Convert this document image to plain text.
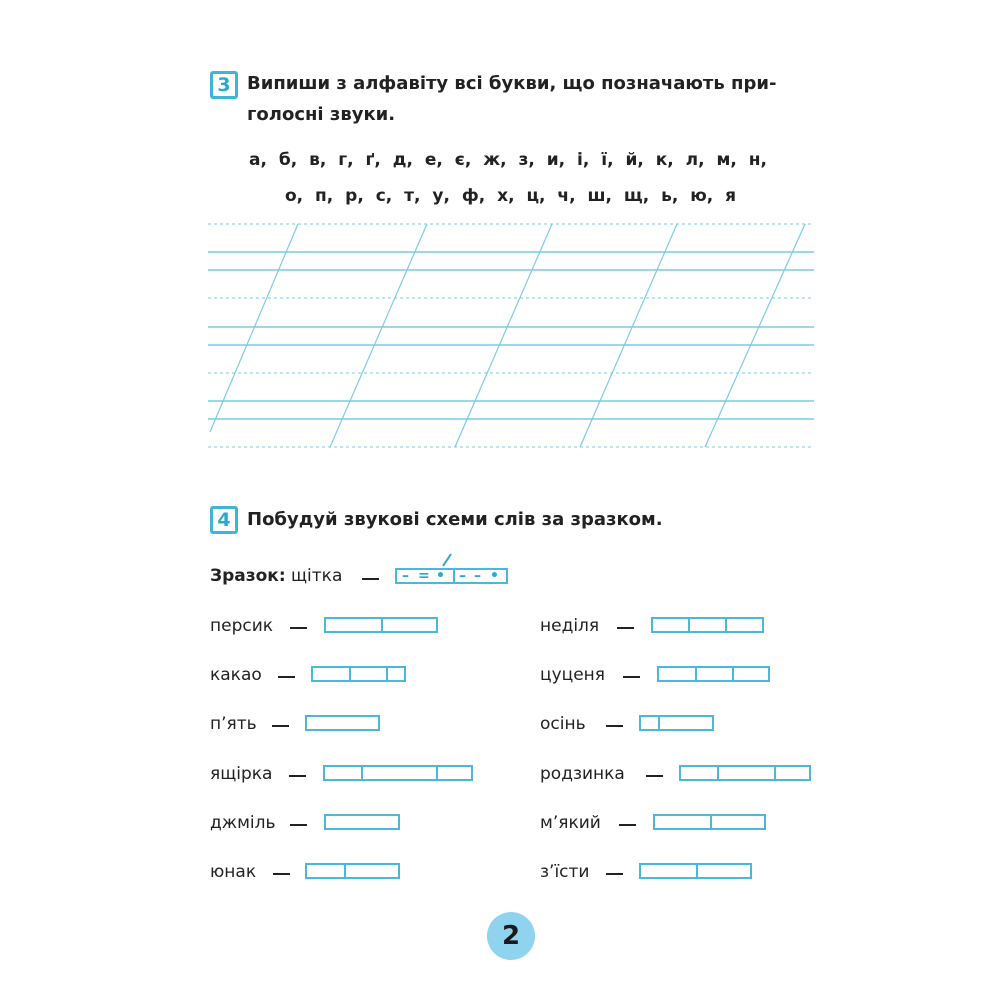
3 Випиши з алфавіту всі букви, що позначають при-
голосні звуки.
а, б, в, г, ґ, д, е, є, ж, з, и, і, ї, й, к, л, м, н,
о, п, р, с, т, у, ф, х, ц, ч, ш, щ, ь, ю, я
4 Побудуй звукові схеми слів за зразком.
Зразок: щітка	– = • – – •
персик
какао
п’ять
ящірка
джміль
юнак
неділя
цуценя
осінь
родзинка
м’який
з’їсти
2
